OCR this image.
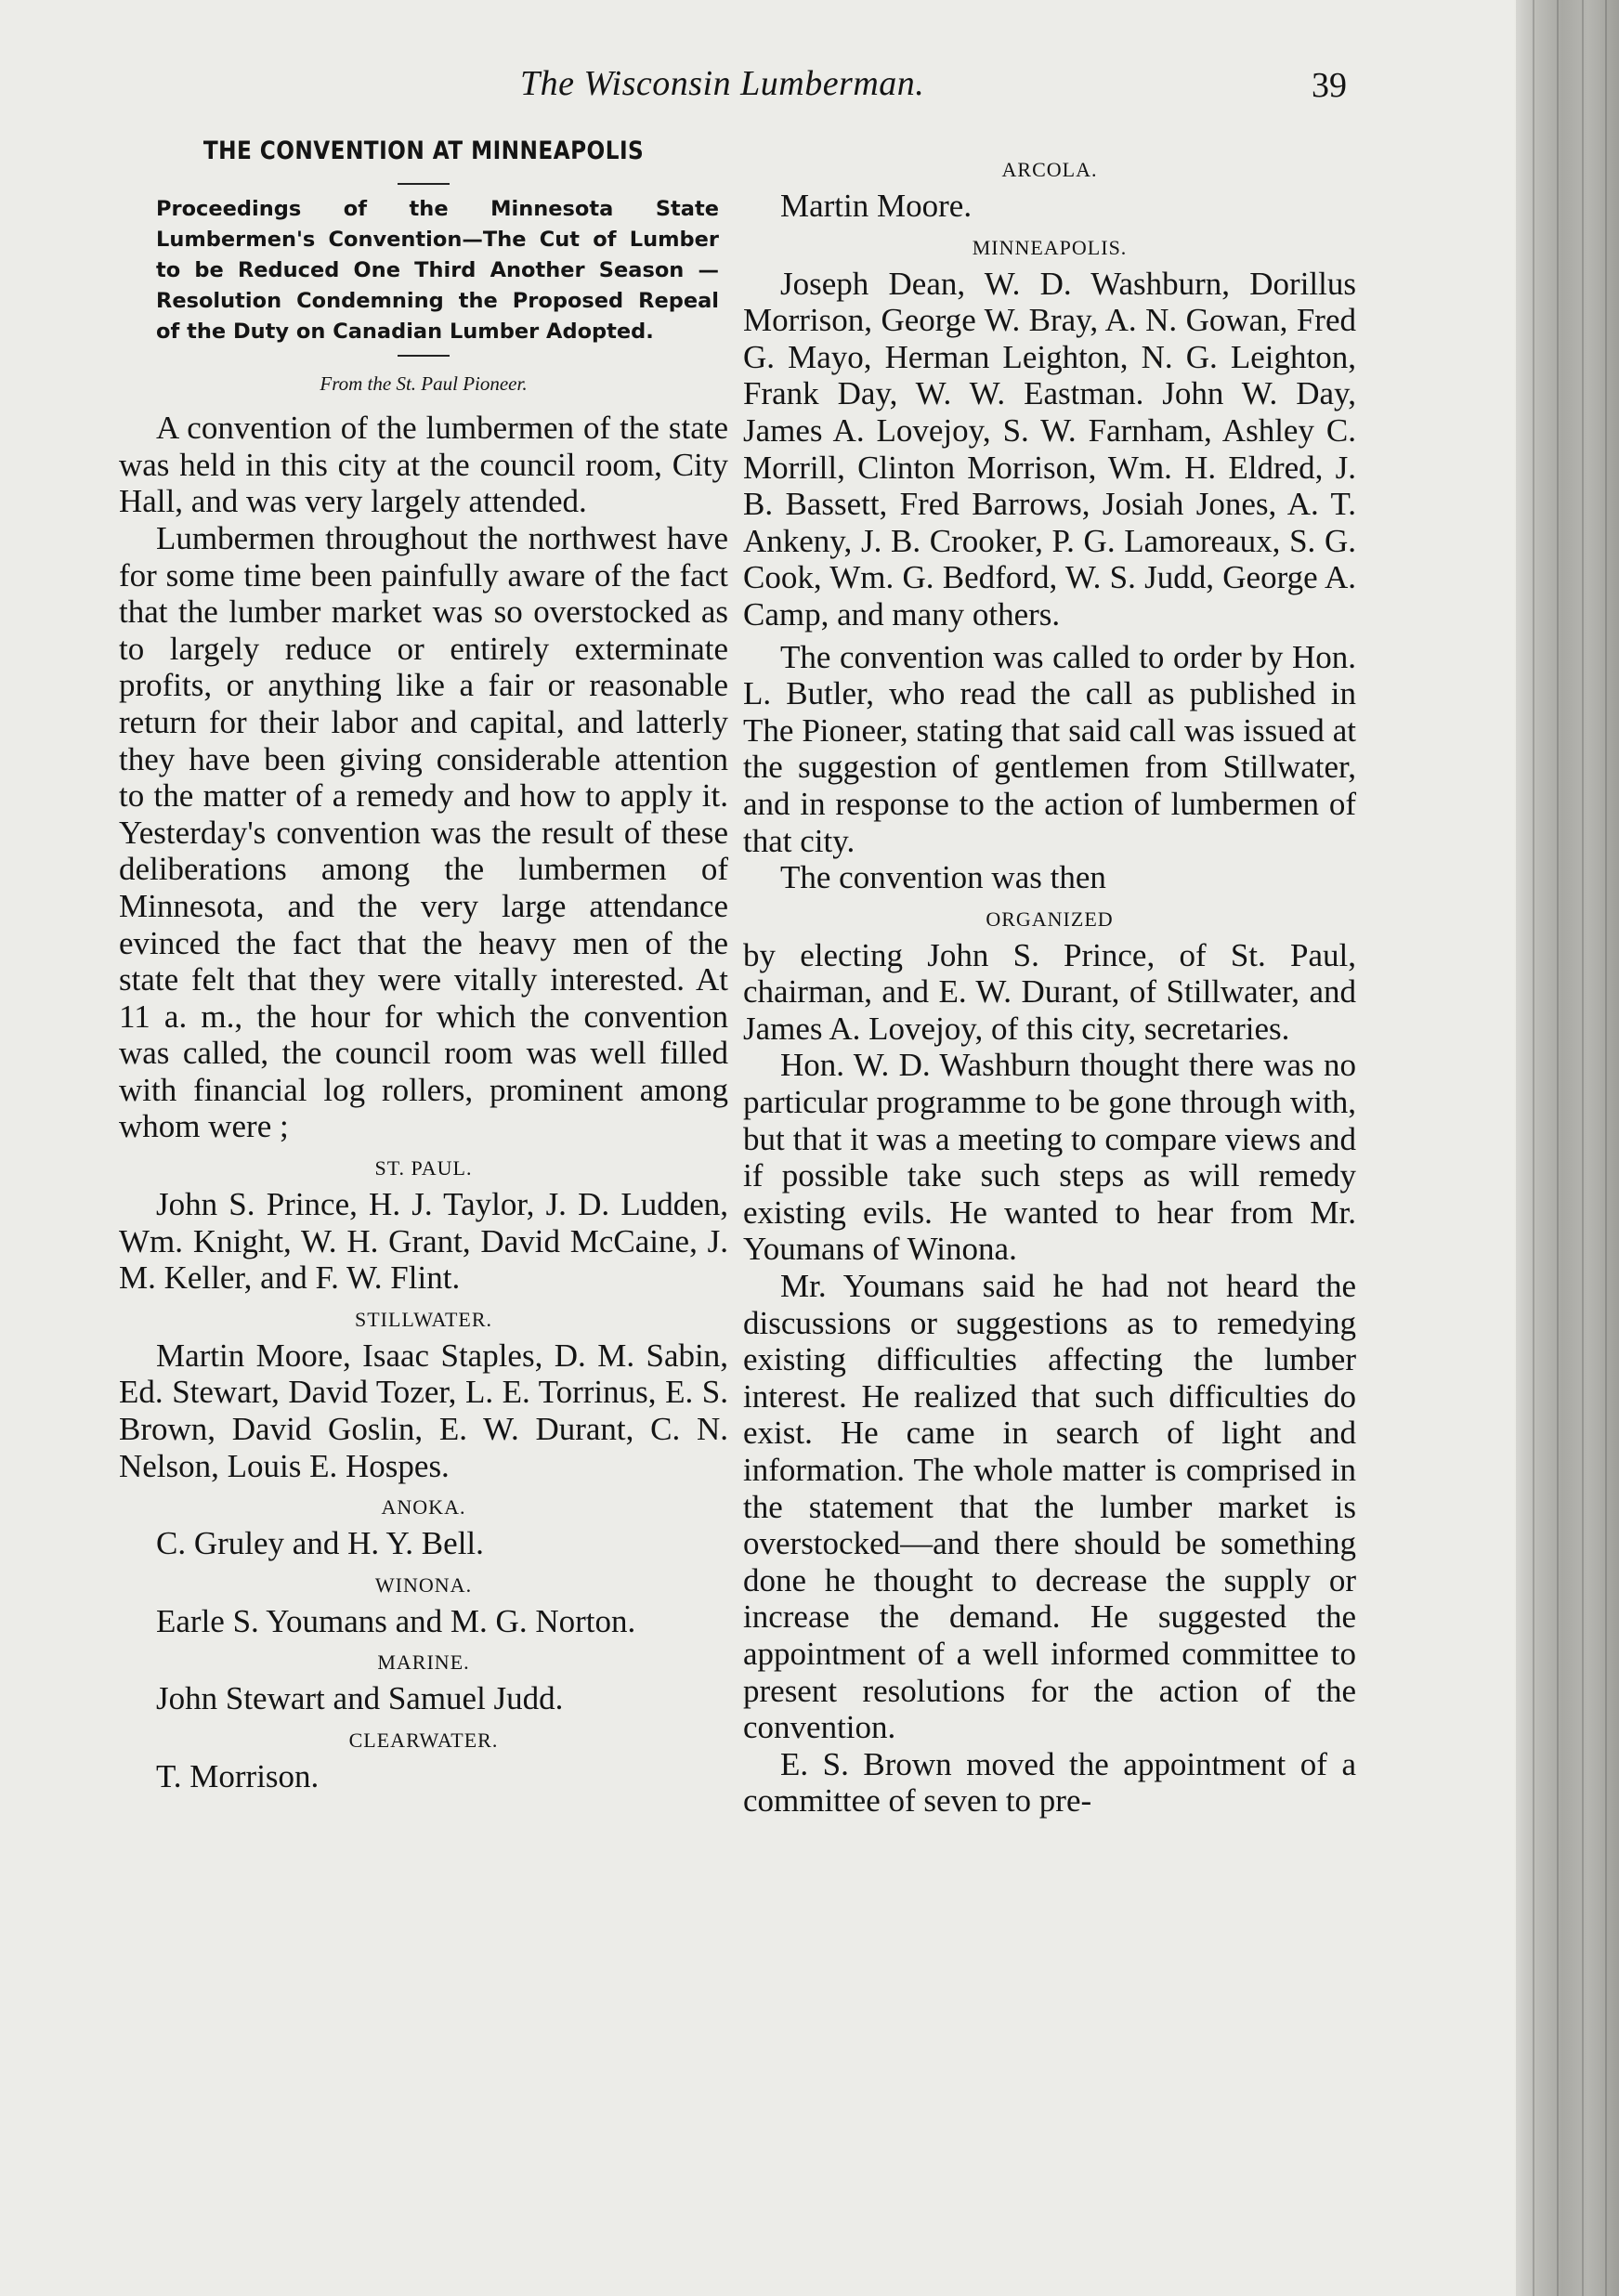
The Wisconsin Lumberman.	39
THE CONVENTION AT MINNEAPOLIS
Proceedings of the Minnesota State Lumbermen's Convention—The Cut of Lumber to be Reduced One Third Another Season —Resolution Condemning the Proposed Repeal of the Duty on Canadian Lumber Adopted.
From the St. Paul Pioneer.

A convention of the lumbermen of the state was held in this city at the council room, City Hall, and was very largely attended.

Lumbermen throughout the northwest have for some time been painfully aware of the fact that the lumber market was so overstocked as to largely reduce or entirely exterminate profits, or anything like a fair or reasonable return for their labor and capital, and latterly they have been giving considerable attention to the matter of a remedy and how to apply it. Yesterday's convention was the result of these deliberations among the lumbermen of Minnesota, and the very large attendance evinced the fact that the heavy men of the state felt that they were vitally interested. At 11 a. m., the hour for which the convention was called, the council room was well filled with financial log rollers, prominent among whom were ;

ST. PAUL.

John S. Prince, H. J. Taylor, J. D. Ludden, Wm. Knight, W. H. Grant, David McCaine, J. M. Keller, and F. W. Flint.

STILLWATER.

Martin Moore, Isaac Staples, D. M. Sabin, Ed. Stewart, David Tozer, L. E. Torrinus, E. S. Brown, David Goslin, E. W. Durant, C. N. Nelson, Louis E. Hospes.

ANOKA.

C. Gruley and H. Y. Bell.

WINONA.

Earle S. Youmans and M. G. Norton.

MARINE.

John Stewart and Samuel Judd.

CLEARWATER.

T. Morrison.

ARCOLA.

Martin Moore.

MINNEAPOLIS.

Joseph Dean, W. D. Washburn, Dorillus Morrison, George W. Bray, A. N. Gowan, Fred G. Mayo, Herman Leighton, N. G. Leighton, Frank Day, W. W. Eastman. John W. Day, James A. Lovejoy, S. W. Farnham, Ashley C. Morrill, Clinton Morrison, Wm. H. Eldred, J. B. Bassett, Fred Barrows, Josiah Jones, A. T. Ankeny, J. B. Crooker, P. G. Lamoreaux, S. G. Cook, Wm. G. Bedford, W. S. Judd, George A. Camp, and many others.

The convention was called to order by Hon. L. Butler, who read the call as published in The Pioneer, stating that said call was issued at the suggestion of gentlemen from Stillwater, and in response to the action of lumbermen of that city.

The convention was then

ORGANIZED

by electing John S. Prince, of St. Paul, chairman, and E. W. Durant, of Stillwater, and James A. Lovejoy, of this city, secretaries.

Hon. W. D. Washburn thought there was no particular programme to be gone through with, but that it was a meeting to compare views and if possible take such steps as will remedy existing evils. He wanted to hear from Mr. Youmans of Winona.

Mr. Youmans said he had not heard the discussions or suggestions as to remedying existing difficulties affecting the lumber interest. He realized that such difficulties do exist. He came in search of light and information. The whole matter is comprised in the statement that the lumber market is overstocked—and there should be something done he thought to decrease the supply or increase the demand. He suggested the appointment of a well informed committee to present resolutions for the action of the convention.

E. S. Brown moved the appointment of a committee of seven to pre-
